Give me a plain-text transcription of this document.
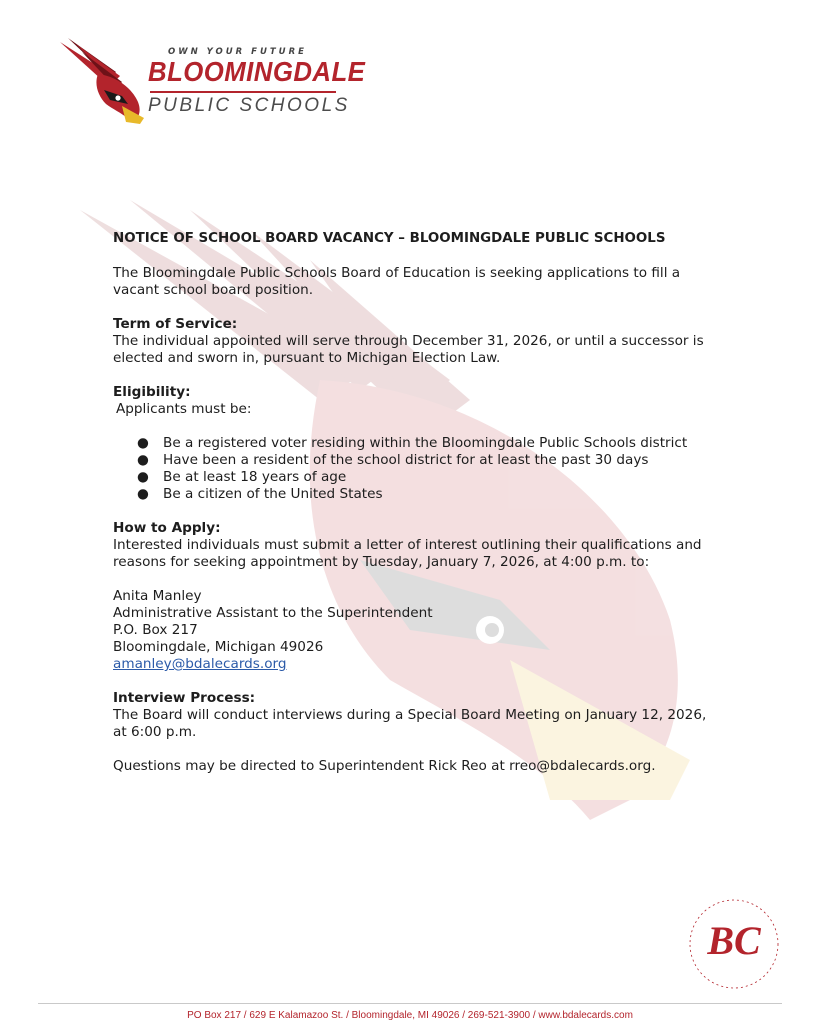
OWN YOUR FUTURE
BLOOMINGDALE
PUBLIC SCHOOLS

NOTICE OF SCHOOL BOARD VACANCY – BLOOMINGDALE PUBLIC SCHOOLS

The Bloomingdale Public Schools Board of Education is seeking applications to fill a vacant school board position.

Term of Service:

The individual appointed will serve through December 31, 2026, or until a successor is elected and sworn in, pursuant to Michigan Election Law.

Eligibility:

Applicants must be:

● Be a registered voter residing within the Bloomingdale Public Schools district
● Have been a resident of the school district for at least the past 30 days
● Be at least 18 years of age
● Be a citizen of the United States

How to Apply:

Interested individuals must submit a letter of interest outlining their qualifications and reasons for seeking appointment by Tuesday, January 7, 2026, at 4:00 p.m. to:

Anita Manley

Administrative Assistant to the Superintendent

P.O. Box 217

Bloomingdale, Michigan 49026

amanley@bdalecards.org

Interview Process:

The Board will conduct interviews during a Special Board Meeting on January 12, 2026, at 6:00 p.m.

Questions may be directed to Superintendent Rick Reo at rreo@bdalecards.org.

BC
PO Box 217 / 629 E Kalamazoo St. / Bloomingdale, MI 49026 / 269-521-3900 / www.bdalecards.com
